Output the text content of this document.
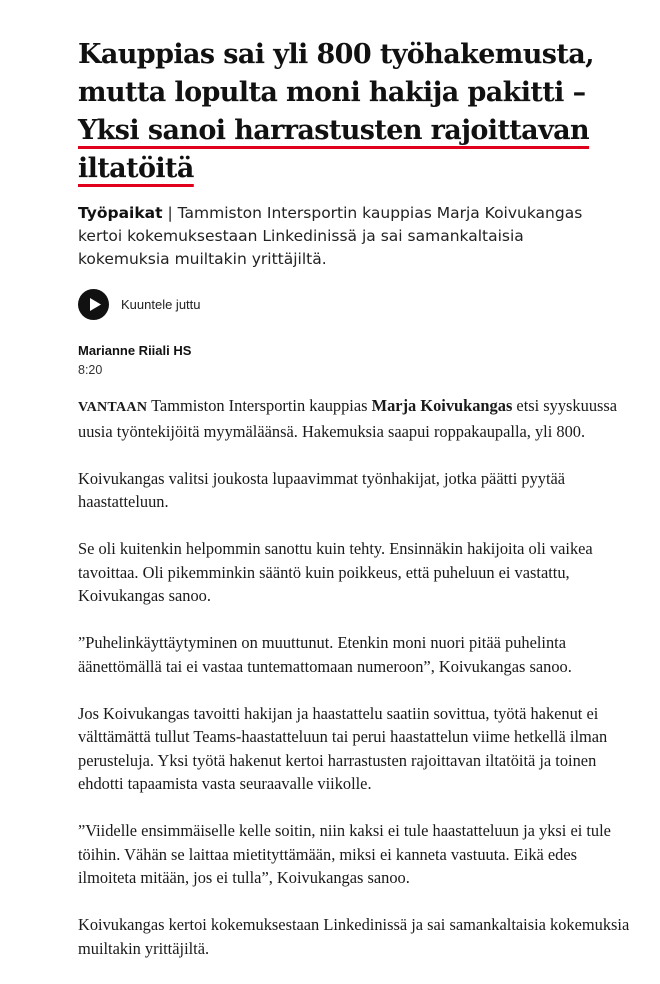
Kauppias sai yli 800 työhakemusta, mutta lopulta moni hakija pakitti – Yksi sanoi harrastusten rajoittavan iltatöitä
Työpaikat | Tammiston Intersportin kauppias Marja Koivukangas kertoi kokemuksestaan Linkedinissä ja sai samankaltaisia kokemuksia muiltakin yrittäjiltä.
Kuuntele juttu
Marianne Riiali HS
8:20

VANTAAN Tammiston Intersportin kauppias Marja Koivukangas etsi syyskuussa uusia työntekijöitä myymäläänsä. Hakemuksia saapui roppakaupalla, yli 800.

Koivukangas valitsi joukosta lupaavimmat työnhakijat, jotka päätti pyytää haastatteluun.

Se oli kuitenkin helpommin sanottu kuin tehty. Ensinnäkin hakijoita oli vaikea tavoittaa. Oli pikemminkin sääntö kuin poikkeus, että puheluun ei vastattu, Koivukangas sanoo.

”Puhelinkäyttäytyminen on muuttunut. Etenkin moni nuori pitää puhelinta äänettömällä tai ei vastaa tuntemattomaan numeroon”, Koivukangas sanoo.

Jos Koivukangas tavoitti hakijan ja haastattelu saatiin sovittua, työtä hakenut ei välttämättä tullut Teams-haastatteluun tai perui haastattelun viime hetkellä ilman perusteluja. Yksi työtä hakenut kertoi harrastusten rajoittavan iltatöitä ja toinen ehdotti tapaamista vasta seuraavalle viikolle.

”Viidelle ensimmäiselle kelle soitin, niin kaksi ei tule haastatteluun ja yksi ei tule töihin. Vähän se laittaa mietityttämään, miksi ei kanneta vastuuta. Eikä edes ilmoiteta mitään, jos ei tulla”, Koivukangas sanoo.

Koivukangas kertoi kokemuksestaan Linkedinissä ja sai samankaltaisia kokemuksia muiltakin yrittäjiltä.
